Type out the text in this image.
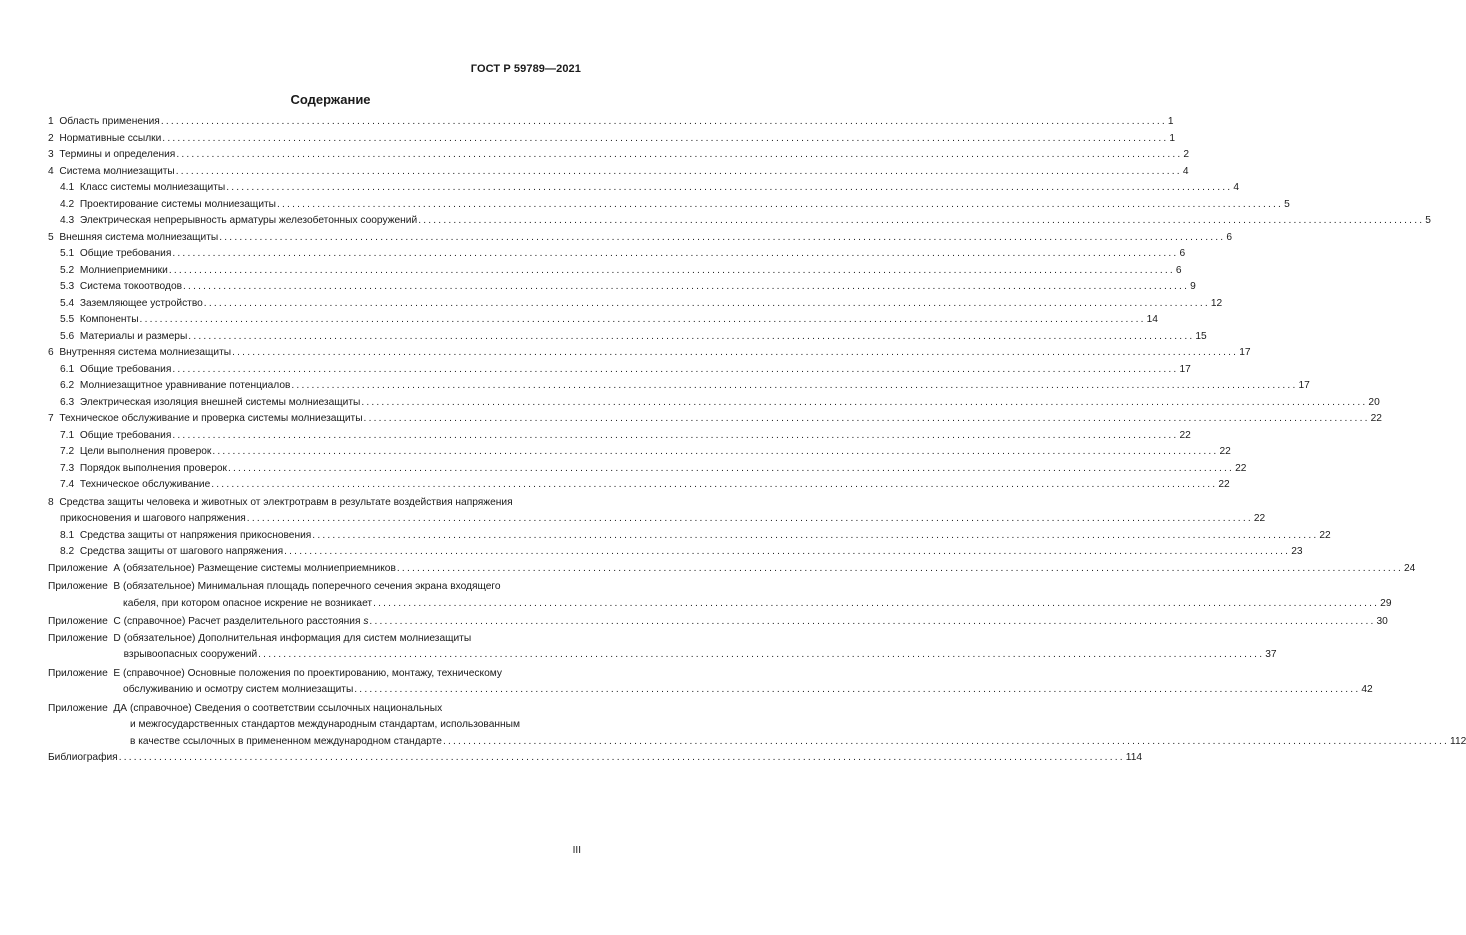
ГОСТ Р 59789—2021
Содержание
1 Область применения ........................................................................................................................................................................................................ 1
2 Нормативные ссылки ........................................................................................................................................................................................................ 1
3 Термины и определения ........................................................................................................................................................................................................ 2
4 Система молниезащиты ........................................................................................................................................................................................................ 4
4.1 Класс системы молниезащиты ........................................................................................................................................................................................................ 4
4.2 Проектирование системы молниезащиты ........................................................................................................................................................................................................ 5
4.3 Электрическая непрерывность арматуры железобетонных сооружений ........................................................................................................................................................................................................ 5
5 Внешняя система молниезащиты ........................................................................................................................................................................................................ 6
5.1 Общие требования ........................................................................................................................................................................................................ 6
5.2 Молниеприемники ........................................................................................................................................................................................................ 6
5.3 Система токоотводов ........................................................................................................................................................................................................ 9
5.4 Заземляющее устройство ........................................................................................................................................................................................................ 12
5.5 Компоненты ........................................................................................................................................................................................................ 14
5.6 Материалы и размеры ........................................................................................................................................................................................................ 15
6 Внутренняя система молниезащиты ........................................................................................................................................................................................................ 17
6.1 Общие требования ........................................................................................................................................................................................................ 17
6.2 Молниезащитное уравнивание потенциалов ........................................................................................................................................................................................................ 17
6.3 Электрическая изоляция внешней системы молниезащиты ........................................................................................................................................................................................................ 20
7 Техническое обслуживание и проверка системы молниезащиты ........................................................................................................................................................................................................ 22
7.1 Общие требования ........................................................................................................................................................................................................ 22
7.2 Цели выполнения проверок ........................................................................................................................................................................................................ 22
7.3 Порядок выполнения проверок ........................................................................................................................................................................................................ 22
7.4 Техническое обслуживание ........................................................................................................................................................................................................ 22
8 Средства защиты человека и животных от электротравм в результате воздействия напряжения
прикосновения и шагового напряжения ........................................................................................................................................................................................................ 22
8.1 Средства защиты от напряжения прикосновения ........................................................................................................................................................................................................ 22
8.2 Средства защиты от шагового напряжения ........................................................................................................................................................................................................ 23
Приложение  А (обязательное) Размещение системы молниеприемников ........................................................................................................................................................................................................ 24
Приложение  В (обязательное) Минимальная площадь поперечного сечения экрана входящего
кабеля, при котором опасное искрение не возникает ........................................................................................................................................................................................................ 29
Приложение  С (справочное) Расчет разделительного расстояния s ........................................................................................................................................................................................................ 30
Приложение  D (обязательное) Дополнительная информация для систем молниезащиты
взрывоопасных сооружений ........................................................................................................................................................................................................ 37
Приложение  Е (справочное) Основные положения по проектированию, монтажу, техническому
обслуживанию и осмотру систем молниезащиты ........................................................................................................................................................................................................ 42
Приложение  ДА (справочное) Сведения о соответствии ссылочных национальных
и межгосударственных стандартов международным стандартам, использованным
в качестве ссылочных в примененном международном стандарте ........................................................................................................................................................................................................ 112
Библиография ........................................................................................................................................................................................................ 114
III
